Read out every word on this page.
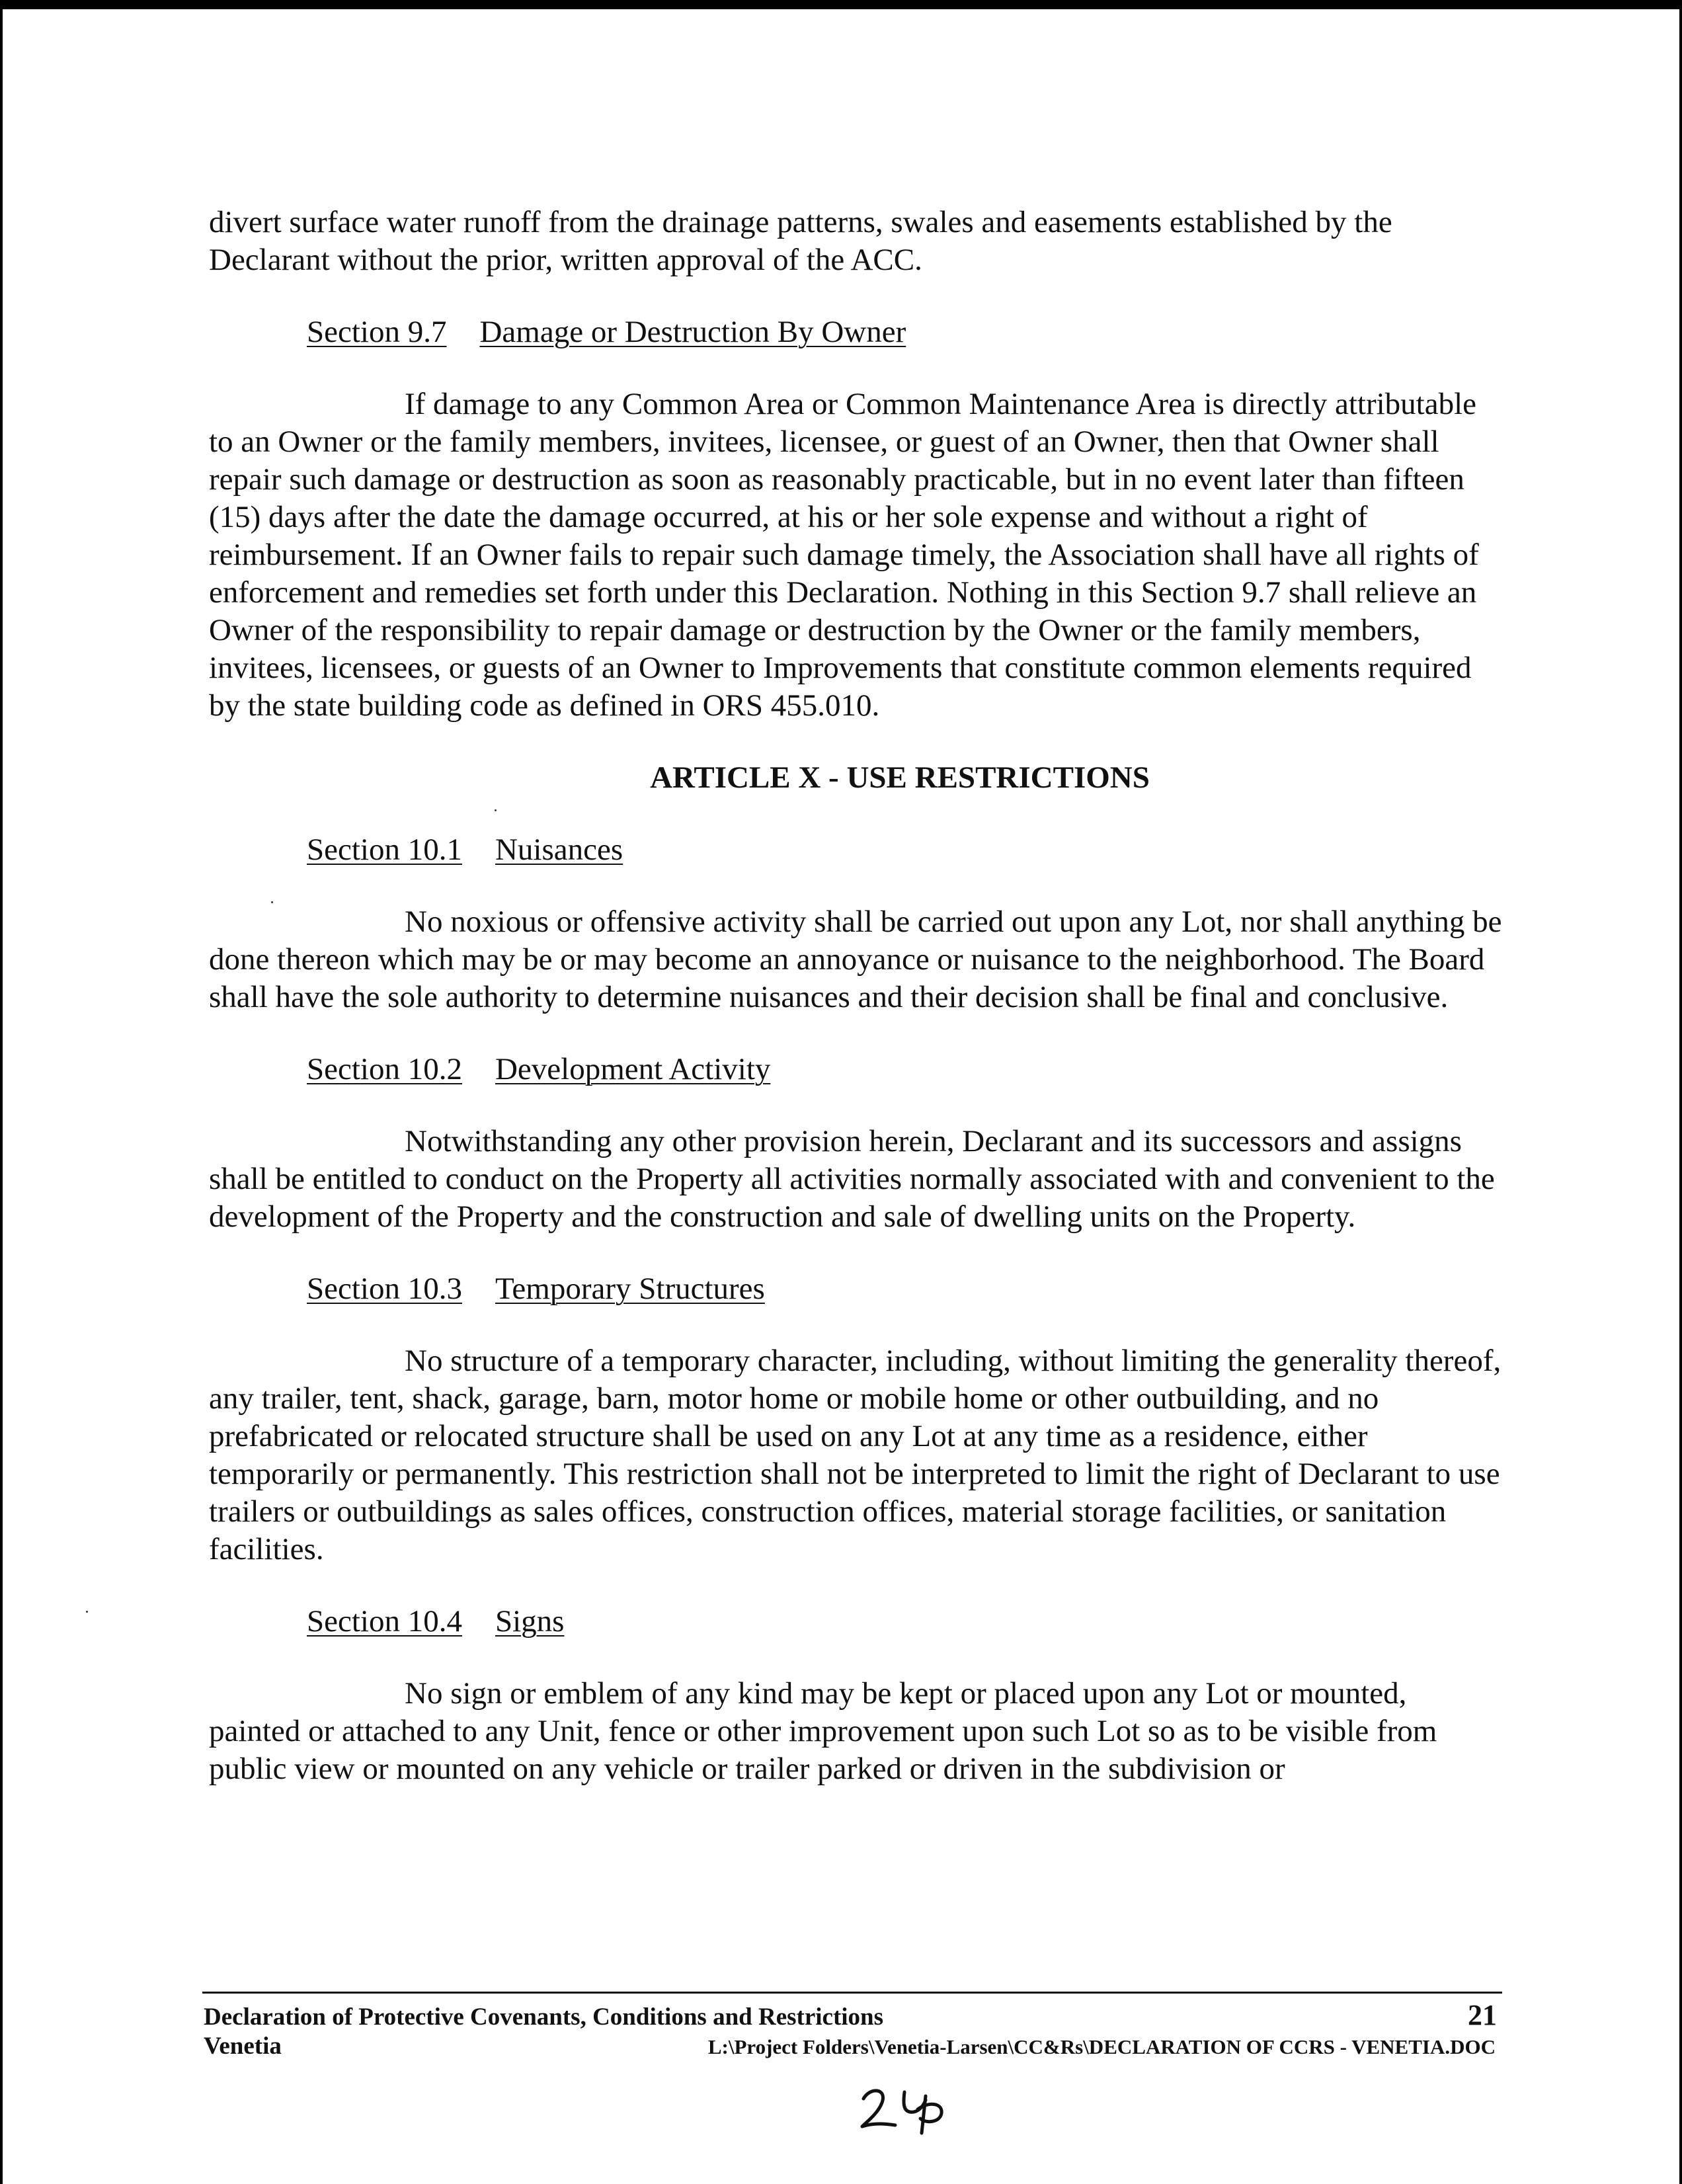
divert surface water runoff from the drainage patterns, swales and easements established by the Declarant without the prior, written approval of the ACC.

Section 9.7 Damage or Destruction By Owner

If damage to any Common Area or Common Maintenance Area is directly attributable to an Owner or the family members, invitees, licensee, or guest of an Owner, then that Owner shall repair such damage or destruction as soon as reasonably practicable, but in no event later than fifteen (15) days after the date the damage occurred, at his or her sole expense and without a right of reimbursement. If an Owner fails to repair such damage timely, the Association shall have all rights of enforcement and remedies set forth under this Declaration. Nothing in this Section 9.7 shall relieve an Owner of the responsibility to repair damage or destruction by the Owner or the family members, invitees, licensees, or guests of an Owner to Improvements that constitute common elements required by the state building code as defined in ORS 455.010.

ARTICLE X - USE RESTRICTIONS

Section 10.1 Nuisances

No noxious or offensive activity shall be carried out upon any Lot, nor shall anything be done thereon which may be or may become an annoyance or nuisance to the neighborhood. The Board shall have the sole authority to determine nuisances and their decision shall be final and conclusive.

Section 10.2 Development Activity

Notwithstanding any other provision herein, Declarant and its successors and assigns shall be entitled to conduct on the Property all activities normally associated with and convenient to the development of the Property and the construction and sale of dwelling units on the Property.

Section 10.3 Temporary Structures

No structure of a temporary character, including, without limiting the generality thereof, any trailer, tent, shack, garage, barn, motor home or mobile home or other outbuilding, and no prefabricated or relocated structure shall be used on any Lot at any time as a residence, either temporarily or permanently. This restriction shall not be interpreted to limit the right of Declarant to use trailers or outbuildings as sales offices, construction offices, material storage facilities, or sanitation facilities.

Section 10.4 Signs

No sign or emblem of any kind may be kept or placed upon any Lot or mounted, painted or attached to any Unit, fence or other improvement upon such Lot so as to be visible from public view or mounted on any vehicle or trailer parked or driven in the subdivision or

Declaration of Protective Covenants, Conditions and Restrictions	21
Venetia	L:\Project Folders\Venetia-Larsen\CC&Rs\DECLARATION OF CCRS - VENETIA.DOC
